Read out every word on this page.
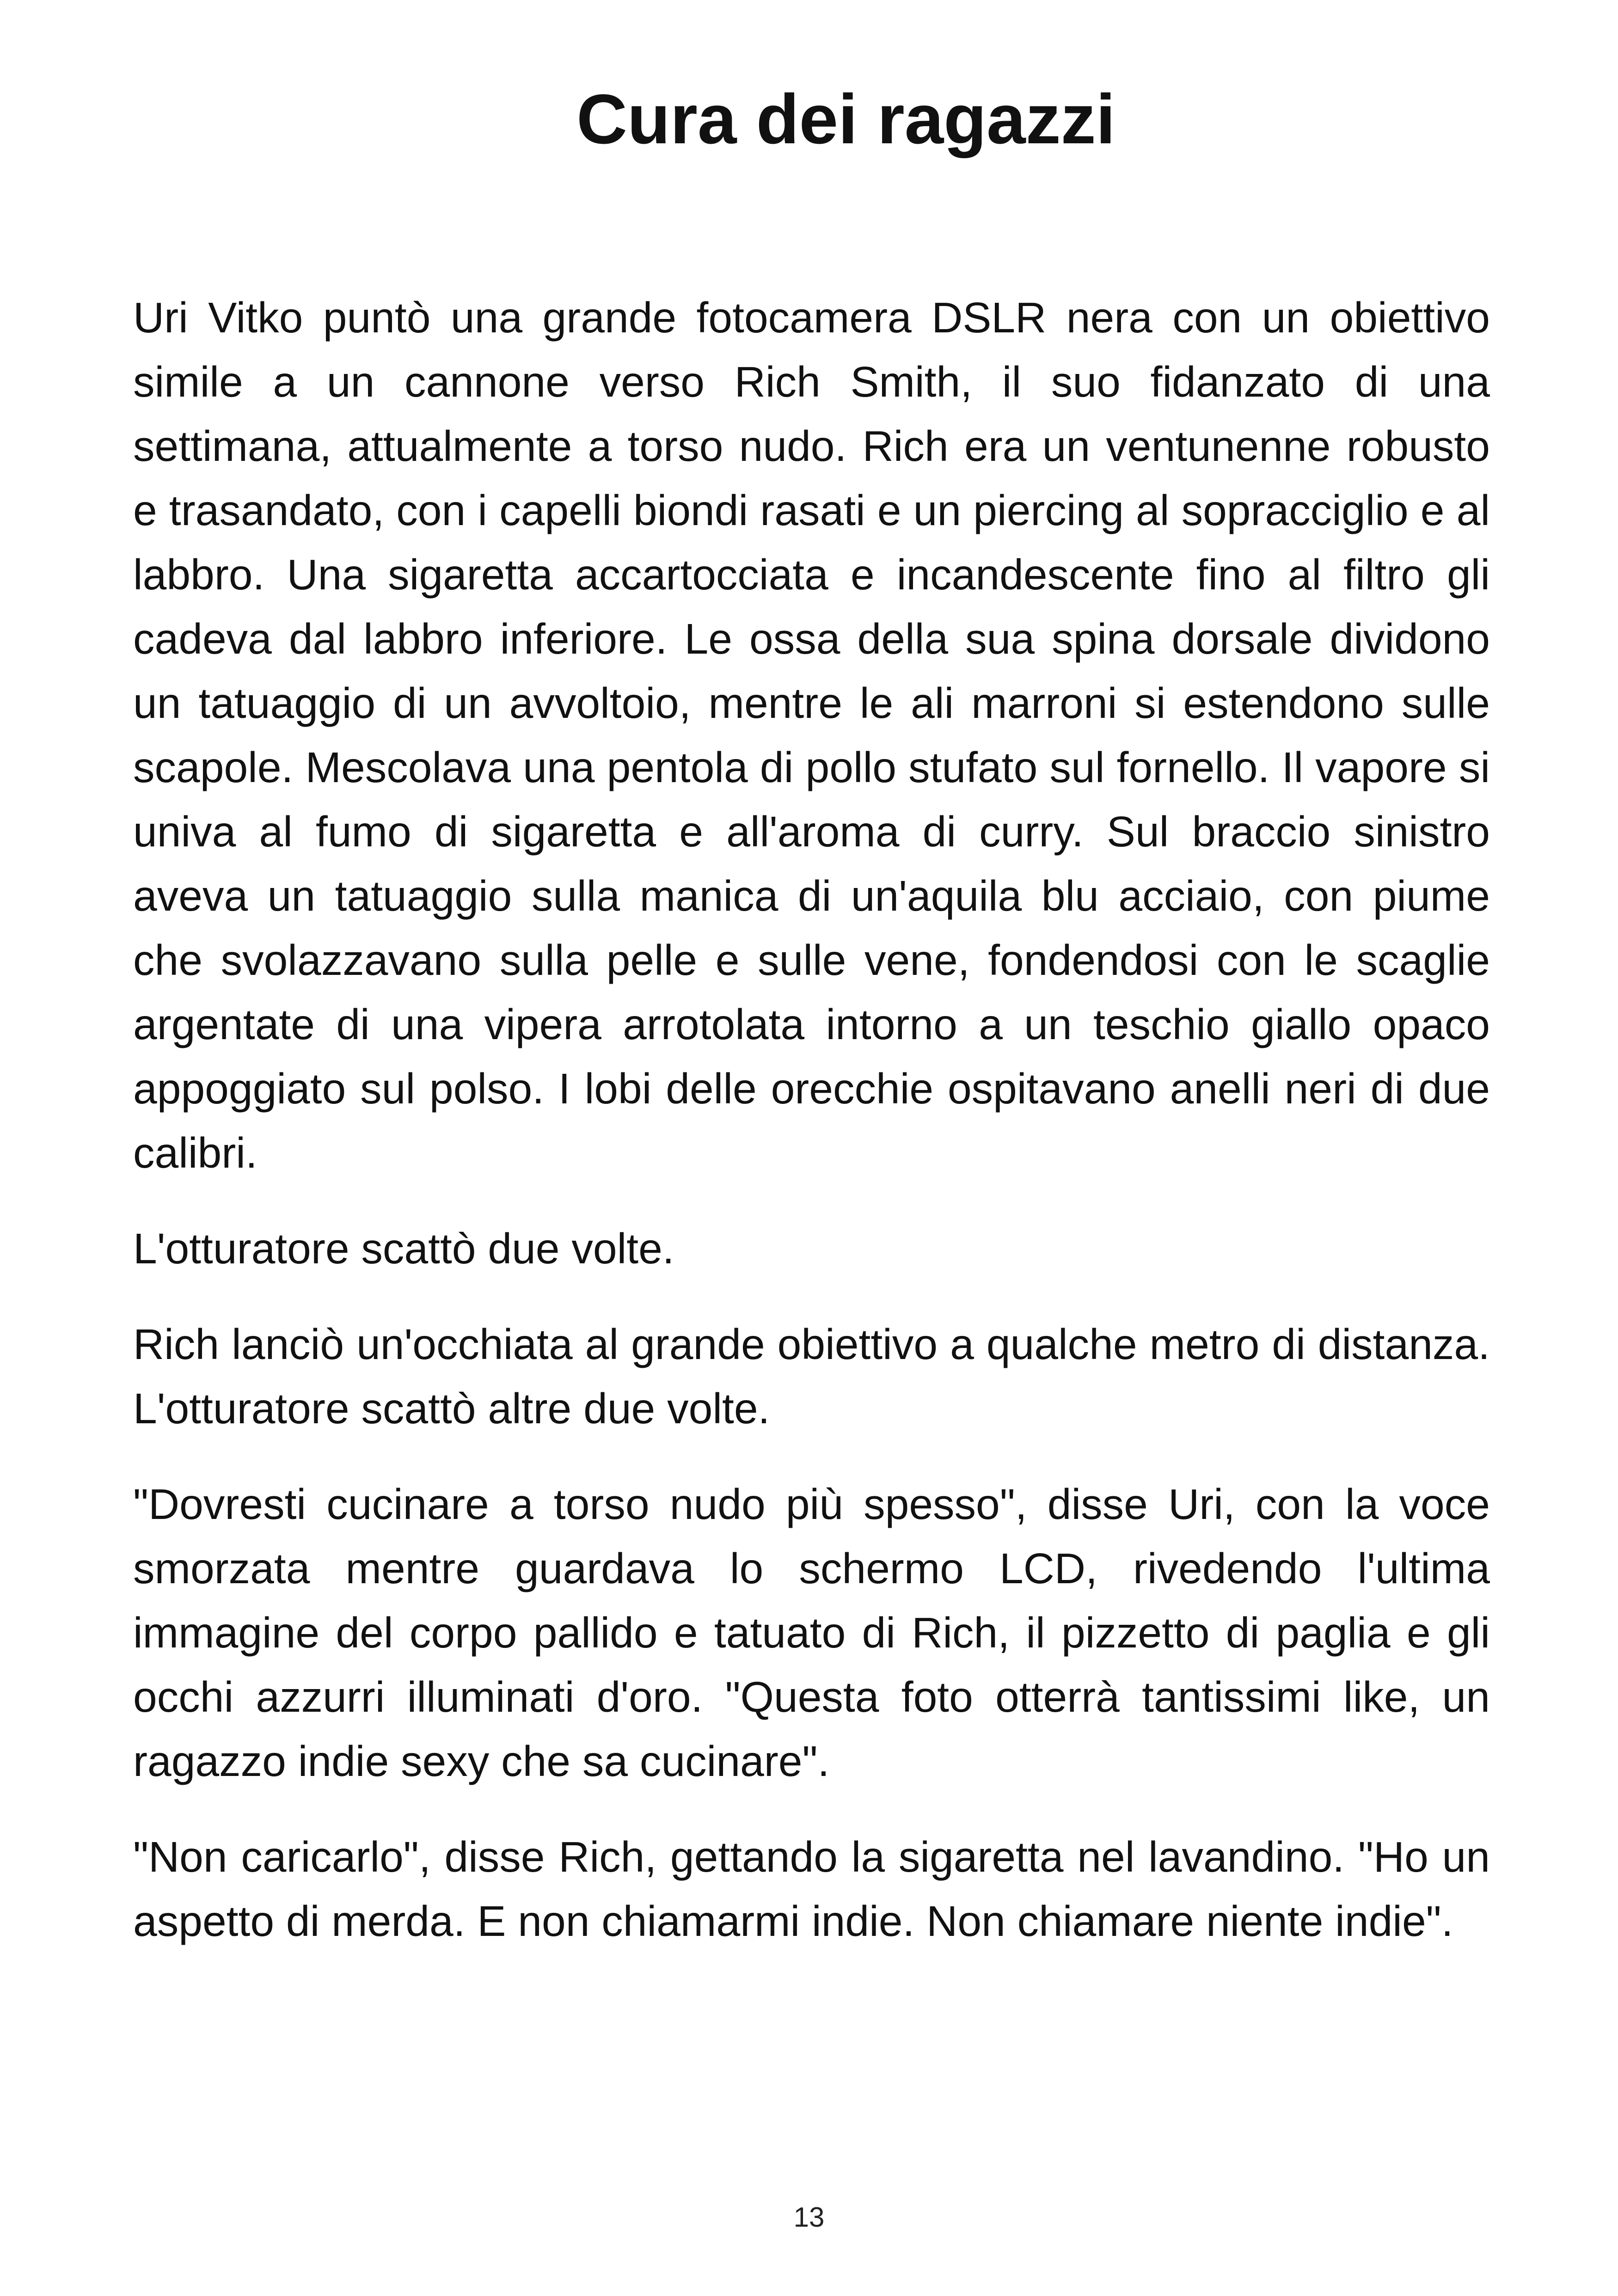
Cura dei ragazzi

Uri Vitko puntò una grande fotocamera DSLR nera con un obiettivo simile a un cannone verso Rich Smith, il suo fidanzato di una settimana, attualmente a torso nudo. Rich era un ventunenne robusto e trasandato, con i capelli biondi rasati e un piercing al sopracciglio e al labbro. Una sigaretta accartocciata e incandescente fino al filtro gli cadeva dal labbro inferiore. Le ossa della sua spina dorsale dividono un tatuaggio di un avvoltoio, mentre le ali marroni si estendono sulle scapole. Mescolava una pentola di pollo stufato sul fornello. Il vapore si univa al fumo di sigaretta e all'aroma di curry. Sul braccio sinistro aveva un tatuaggio sulla manica di un'aquila blu acciaio, con piume che svolazzavano sulla pelle e sulle vene, fondendosi con le scaglie argentate di una vipera arrotolata intorno a un teschio giallo opaco appoggiato sul polso. I lobi delle orecchie ospitavano anelli neri di due calibri.

L'otturatore scattò due volte.

Rich lanciò un'occhiata al grande obiettivo a qualche metro di distanza. L'otturatore scattò altre due volte.

"Dovresti cucinare a torso nudo più spesso", disse Uri, con la voce smorzata mentre guardava lo schermo LCD, rivedendo l'ultima immagine del corpo pallido e tatuato di Rich, il pizzetto di paglia e gli occhi azzurri illuminati d'oro. "Questa foto otterrà tantissimi like, un ragazzo indie sexy che sa cucinare".

"Non caricarlo", disse Rich, gettando la sigaretta nel lavandino. "Ho un aspetto di merda. E non chiamarmi indie. Non chiamare niente indie".

13
